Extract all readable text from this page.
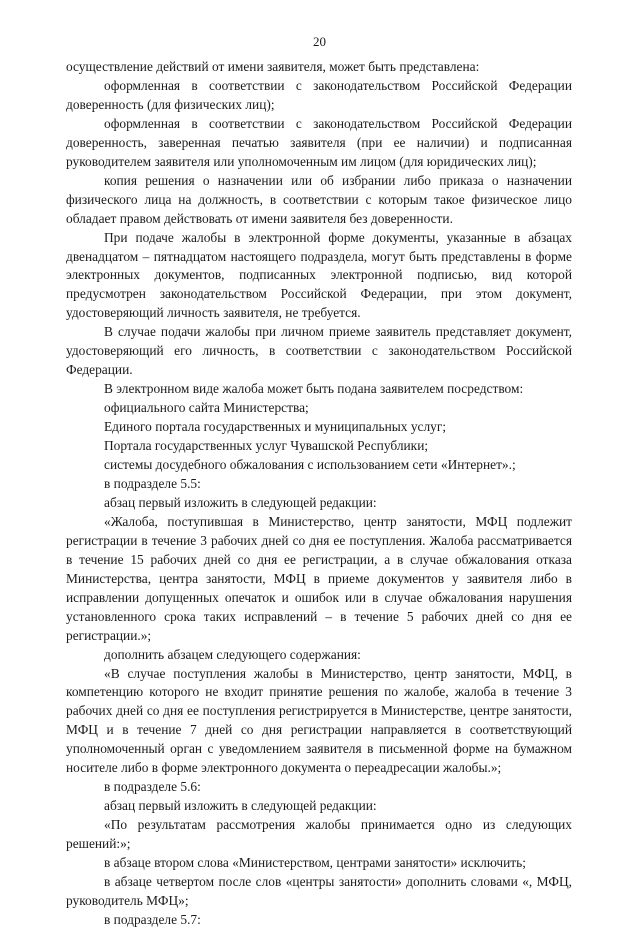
20

осуществление действий от имени заявителя, может быть представлена:

оформленная в соответствии с законодательством Российской Федерации доверенность (для физических лиц);

оформленная в соответствии с законодательством Российской Федерации доверенность, заверенная печатью заявителя (при ее наличии) и подписанная руководителем заявителя или уполномоченным им лицом (для юридических лиц);

копия решения о назначении или об избрании либо приказа о назначении физического лица на должность, в соответствии с которым такое физическое лицо обладает правом действовать от имени заявителя без доверенности.

При подаче жалобы в электронной форме документы, указанные в абзацах двенадцатом – пятнадцатом настоящего подраздела, могут быть представлены в форме электронных документов, подписанных электронной подписью, вид которой предусмотрен законодательством Российской Федерации, при этом документ, удостоверяющий личность заявителя, не требуется.

В случае подачи жалобы при личном приеме заявитель представляет документ, удостоверяющий его личность, в соответствии с законодательством Российской Федерации.

В электронном виде жалоба может быть подана заявителем посредством:

официального сайта Министерства;

Единого портала государственных и муниципальных услуг;

Портала государственных услуг Чувашской Республики;

системы досудебного обжалования с использованием сети «Интернет».;

в подразделе 5.5:

абзац первый изложить в следующей редакции:

«Жалоба, поступившая в Министерство, центр занятости, МФЦ подлежит регистрации в течение 3 рабочих дней со дня ее поступления. Жалоба рассматривается в течение 15 рабочих дней со дня ее регистрации, а в случае обжалования отказа Министерства, центра занятости, МФЦ в приеме документов у заявителя либо в исправлении допущенных опечаток и ошибок или в случае обжалования нарушения установленного срока таких исправлений – в течение 5 рабочих дней со дня ее регистрации.»;

дополнить абзацем следующего содержания:

«В случае поступления жалобы в Министерство, центр занятости, МФЦ, в компетенцию которого не входит принятие решения по жалобе, жалоба в течение 3 рабочих дней со дня ее поступления регистрируется в Министерстве, центре занятости, МФЦ и в течение 7 дней со дня регистрации направляется в соответствующий уполномоченный орган с уведомлением заявителя в письменной форме на бумажном носителе либо в форме электронного документа о переадресации жалобы.»;

в подразделе 5.6:

абзац первый изложить в следующей редакции:

«По результатам рассмотрения жалобы принимается одно из следующих решений:»;

в абзаце втором слова «Министерством, центрами занятости» исключить;

в абзаце четвертом после слов «центры занятости» дополнить словами «, МФЦ, руководитель МФЦ»;

в подразделе 5.7:
